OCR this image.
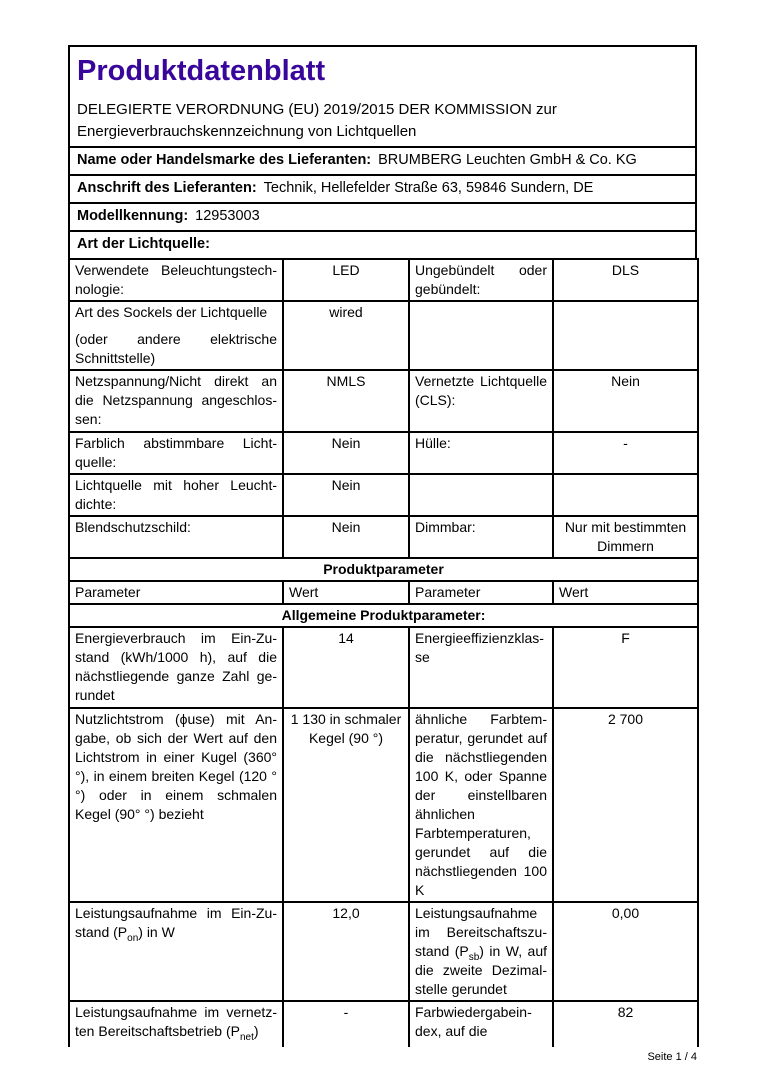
Produktdatenblatt
DELEGIERTE VERORDNUNG (EU) 2019/2015 DER KOMMISSION zur Energieverbrauchskennzeichnung von Lichtquellen

Name oder Handelsmarke des Lieferanten: BRUMBERG Leuchten GmbH & Co. KG
Anschrift des Lieferanten: Technik, Hellefelder Straße 63, 59846 Sundern, DE
Modellkennung: 12953003
Art der Lichtquelle:
Verwendete Beleuchtungstechnologie:	LED	Ungebündelt oder gebündelt:	DLS

Art des Sockels der Lichtquelle
(oder andere elektrische Schnittstelle)	wired		

Netzspannung/Nicht direkt an die Netzspannung angeschlossen:	NMLS	Vernetzte Lichtquelle (CLS):	Nein

Farblich abstimmbare Lichtquelle:	Nein	Hülle:	-

Lichtquelle mit hoher Leuchtdichte:	Nein		

Blendschutzschild:	Nein	Dimmbar:	Nur mit bestimmten Dimmern

Produktparameter			
Parameter	Wert	Parameter	Wert
Allgemeine Produktparameter:			

Energieverbrauch im Ein-Zustand (kWh/1000 h), auf die nächstliegende ganze Zahl gerundet	14	Energieeffizienzklasse	F

Nutzlichtstrom (ϕuse) mit Angabe, ob sich der Wert auf den Lichtstrom in einer Kugel (360° °), in einem breiten Kegel (120 °°) oder in einem schmalen Kegel (90° °) bezieht	1 130 in schmaler Kegel (90 °)	ähnliche Farbtemperatur, gerundet auf die nächstliegenden 100 K, oder Spanne der einstellbaren ähnlichen Farbtemperaturen, gerundet auf die nächstliegenden 100 K	2 700

Leistungsaufnahme im Ein-Zustand $(P_{on})$ in W	12,0	Leistungsaufnahme im Bereitschaftszustand $(P_{sb})$ in W, auf die zweite Dezimalstelle gerundet	0,00

Leistungsaufnahme im vernetzten Bereitschaftsbetrieb $(P_{net})$	-	Farbwiedergabeindex, auf die	82
Seite 1 / 4
